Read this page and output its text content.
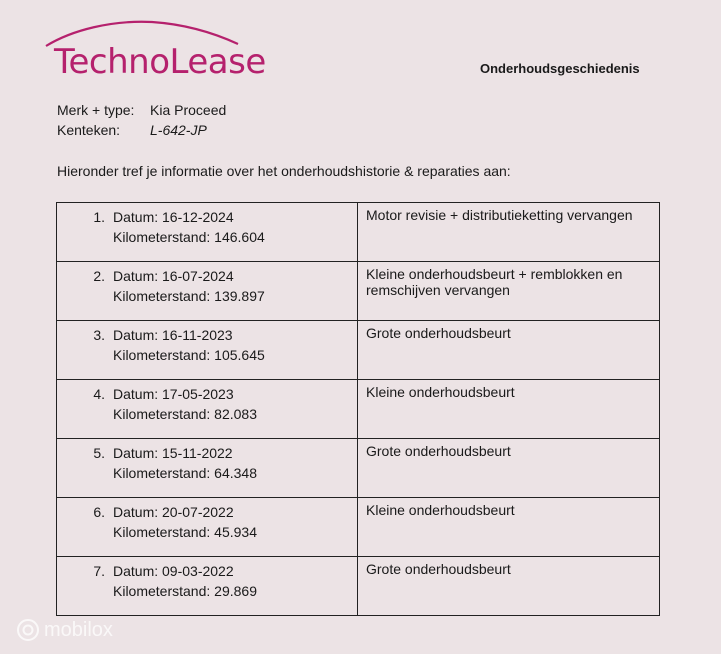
TechnoLease	Onderhoudsgeschiedenis
Merk + type:	Kia Proceed
Kenteken:	L-642-JP
Hieronder tref je informatie over het onderhoudshistorie & reparaties aan:
1. Datum: 16-12-2024
Kilometerstand: 146.604	Motor revisie + distributieketting vervangen

2. Datum: 16-07-2024
Kilometerstand: 139.897	Kleine onderhoudsbeurt + remblokken en remschijven vervangen

3. Datum: 16-11-2023
Kilometerstand: 105.645	Grote onderhoudsbeurt

4. Datum: 17-05-2023
Kilometerstand: 82.083	Kleine onderhoudsbeurt

5. Datum: 15-11-2022
Kilometerstand: 64.348	Grote onderhoudsbeurt

6. Datum: 20-07-2022
Kilometerstand: 45.934	Kleine onderhoudsbeurt

7. Datum: 09-03-2022
Kilometerstand: 29.869	Grote onderhoudsbeurt
mobilox
